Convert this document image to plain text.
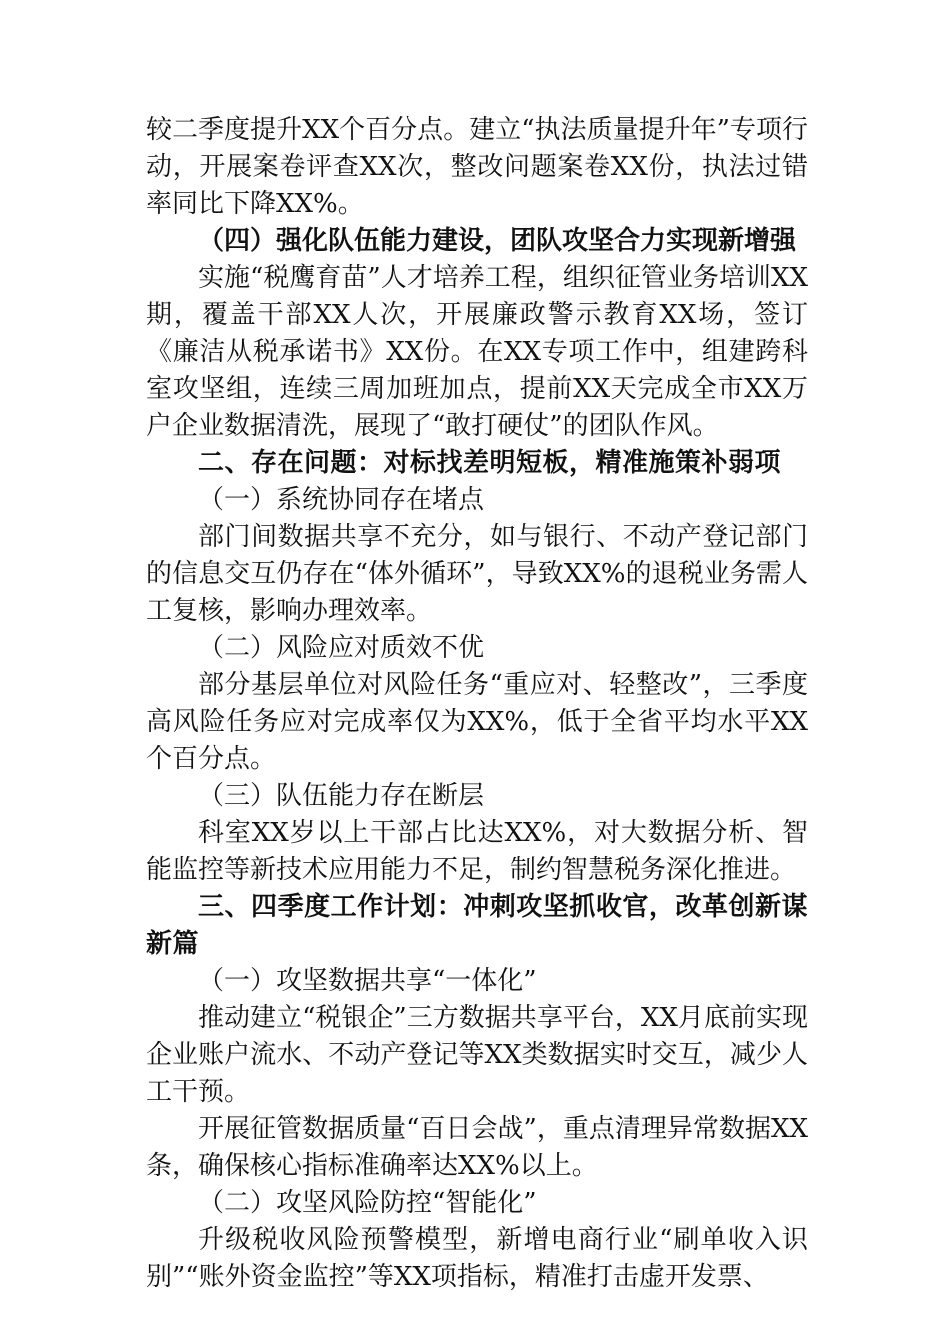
较二季度提升XX个百分点。建立“执法质量提升年”专项行动，开展案卷评查XX次，整改问题案卷XX份，执法过错率同比下降XX%。

（四）强化队伍能力建设，团队攻坚合力实现新增强

实施“税鹰育苗”人才培养工程，组织征管业务培训XX期，覆盖干部XX人次，开展廉政警示教育XX场，签订《廉洁从税承诺书》XX份。在XX专项工作中，组建跨科室攻坚组，连续三周加班加点，提前XX天完成全市XX万户企业数据清洗，展现了“敢打硬仗”的团队作风。

二、存在问题：对标找差明短板，精准施策补弱项

（一）系统协同存在堵点

部门间数据共享不充分，如与银行、不动产登记部门的信息交互仍存在“体外循环”，导致XX%的退税业务需人工复核，影响办理效率。

（二）风险应对质效不优

部分基层单位对风险任务“重应对、轻整改”，三季度高风险任务应对完成率仅为XX%，低于全省平均水平XX个百分点。

（三）队伍能力存在断层

科室XX岁以上干部占比达XX%，对大数据分析、智能监控等新技术应用能力不足，制约智慧税务深化推进。

三、四季度工作计划：冲刺攻坚抓收官，改革创新谋新篇

（一）攻坚数据共享“一体化”

推动建立“税银企”三方数据共享平台，XX月底前实现企业账户流水、不动产登记等XX类数据实时交互，减少人工干预。

开展征管数据质量“百日会战”，重点清理异常数据XX条，确保核心指标准确率达XX%以上。

（二）攻坚风险防控“智能化”

升级税收风险预警模型，新增电商行业“刷单收入识别”“账外资金监控”等XX项指标，精准打击虚开发票、
